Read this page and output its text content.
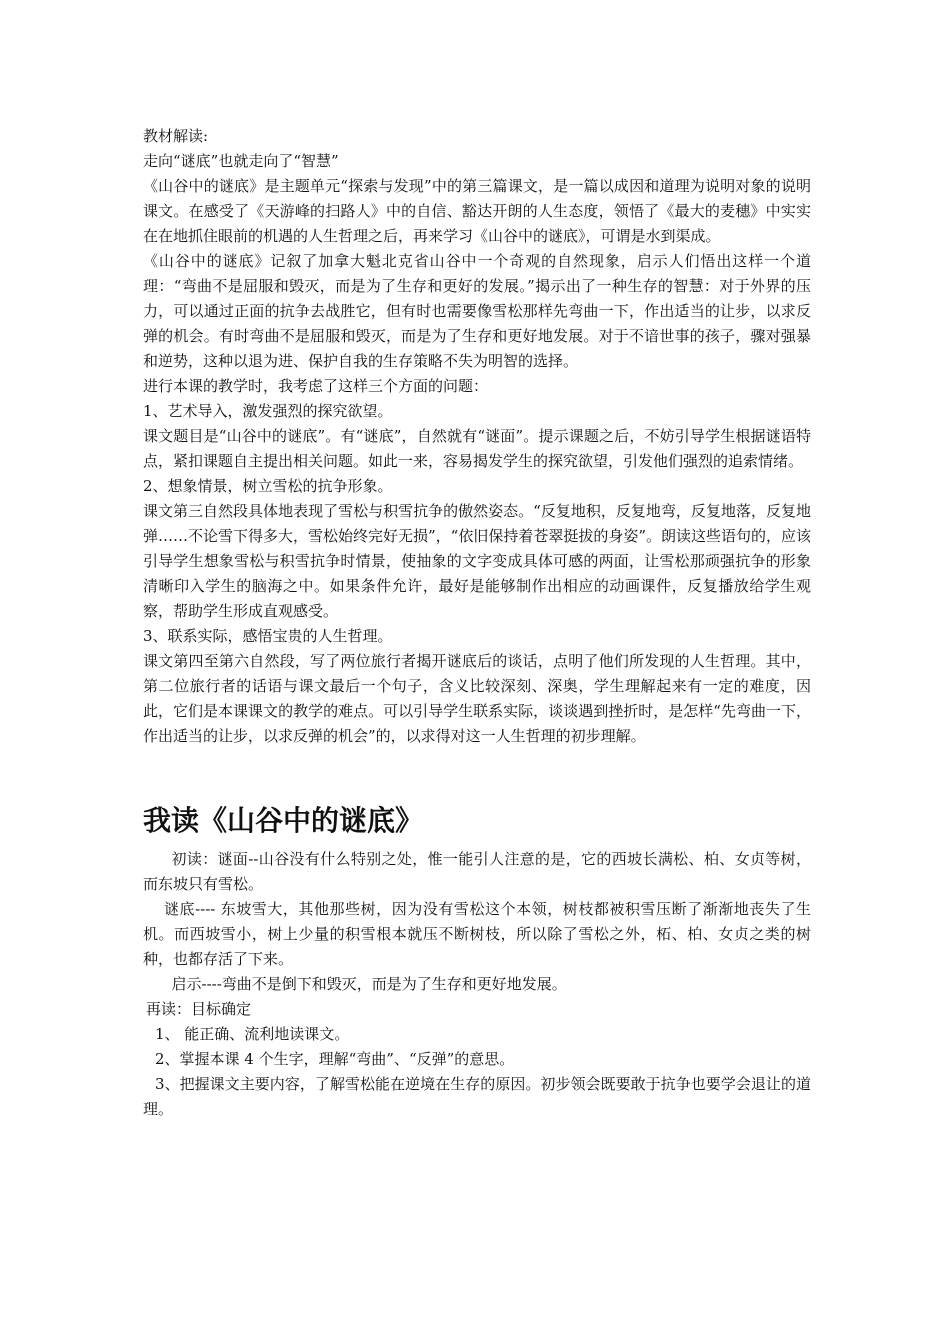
教材解读:

走向“谜底”也就走向了“智慧”

《山谷中的谜底》是主题单元“探索与发现”中的第三篇课文，是一篇以成因和道理为说明对象的说明课文。在感受了《天游峰的扫路人》中的自信、豁达开朗的人生态度，领悟了《最大的麦穗》中实实在在地抓住眼前的机遇的人生哲理之后，再来学习《山谷中的谜底》，可谓是水到渠成。

《山谷中的谜底》记叙了加拿大魁北克省山谷中一个奇观的自然现象，启示人们悟出这样一个道理：“弯曲不是屈服和毁灭，而是为了生存和更好的发展。”揭示出了一种生存的智慧：对于外界的压力，可以通过正面的抗争去战胜它，但有时也需要像雪松那样先弯曲一下，作出适当的让步，以求反弹的机会。有时弯曲不是屈服和毁灭，而是为了生存和更好地发展。对于不谙世事的孩子，骤对强暴和逆势，这种以退为进、保护自我的生存策略不失为明智的选择。

进行本课的教学时，我考虑了这样三个方面的问题：

1、艺术导入，激发强烈的探究欲望。

课文题目是“山谷中的谜底”。有“谜底”，自然就有“谜面”。提示课题之后，不妨引导学生根据谜语特点，紧扣课题自主提出相关问题。如此一来，容易揭发学生的探究欲望，引发他们强烈的追索情绪。

2、想象情景，树立雪松的抗争形象。

课文第三自然段具体地表现了雪松与积雪抗争的傲然姿态。“反复地积，反复地弯，反复地落，反复地弹……不论雪下得多大，雪松始终完好无损”，“依旧保持着苍翠挺拔的身姿”。朗读这些语句的，应该引导学生想象雪松与积雪抗争时情景，使抽象的文字变成具体可感的两面，让雪松那顽强抗争的形象清晰印入学生的脑海之中。如果条件允许，最好是能够制作出相应的动画课件，反复播放给学生观察，帮助学生形成直观感受。

3、联系实际，感悟宝贵的人生哲理。

课文第四至第六自然段，写了两位旅行者揭开谜底后的谈话，点明了他们所发现的人生哲理。其中，第二位旅行者的话语与课文最后一个句子，含义比较深刻、深奥，学生理解起来有一定的难度，因此，它们是本课课文的教学的难点。可以引导学生联系实际，谈谈遇到挫折时，是怎样“先弯曲一下，作出适当的让步，以求反弹的机会”的，以求得对这一人生哲理的初步理解。

我读《山谷中的谜底》

初读：谜面--山谷没有什么特别之处，惟一能引人注意的是，它的西坡长满松、柏、女贞等树，而东坡只有雪松。

谜底---- 东坡雪大，其他那些树，因为没有雪松这个本领，树枝都被积雪压断了渐渐地丧失了生机。而西坡雪小，树上少量的积雪根本就压不断树枝，所以除了雪松之外，柘、柏、女贞之类的树种，也都存活了下来。

启示----弯曲不是倒下和毁灭，而是为了生存和更好地发展。

再读：目标确定

1、 能正确、流利地读课文。

2、掌握本课 4 个生字，理解“弯曲”、“反弹”的意思。

3、把握课文主要内容，了解雪松能在逆境在生存的原因。初步领会既要敢于抗争也要学会退让的道理。
